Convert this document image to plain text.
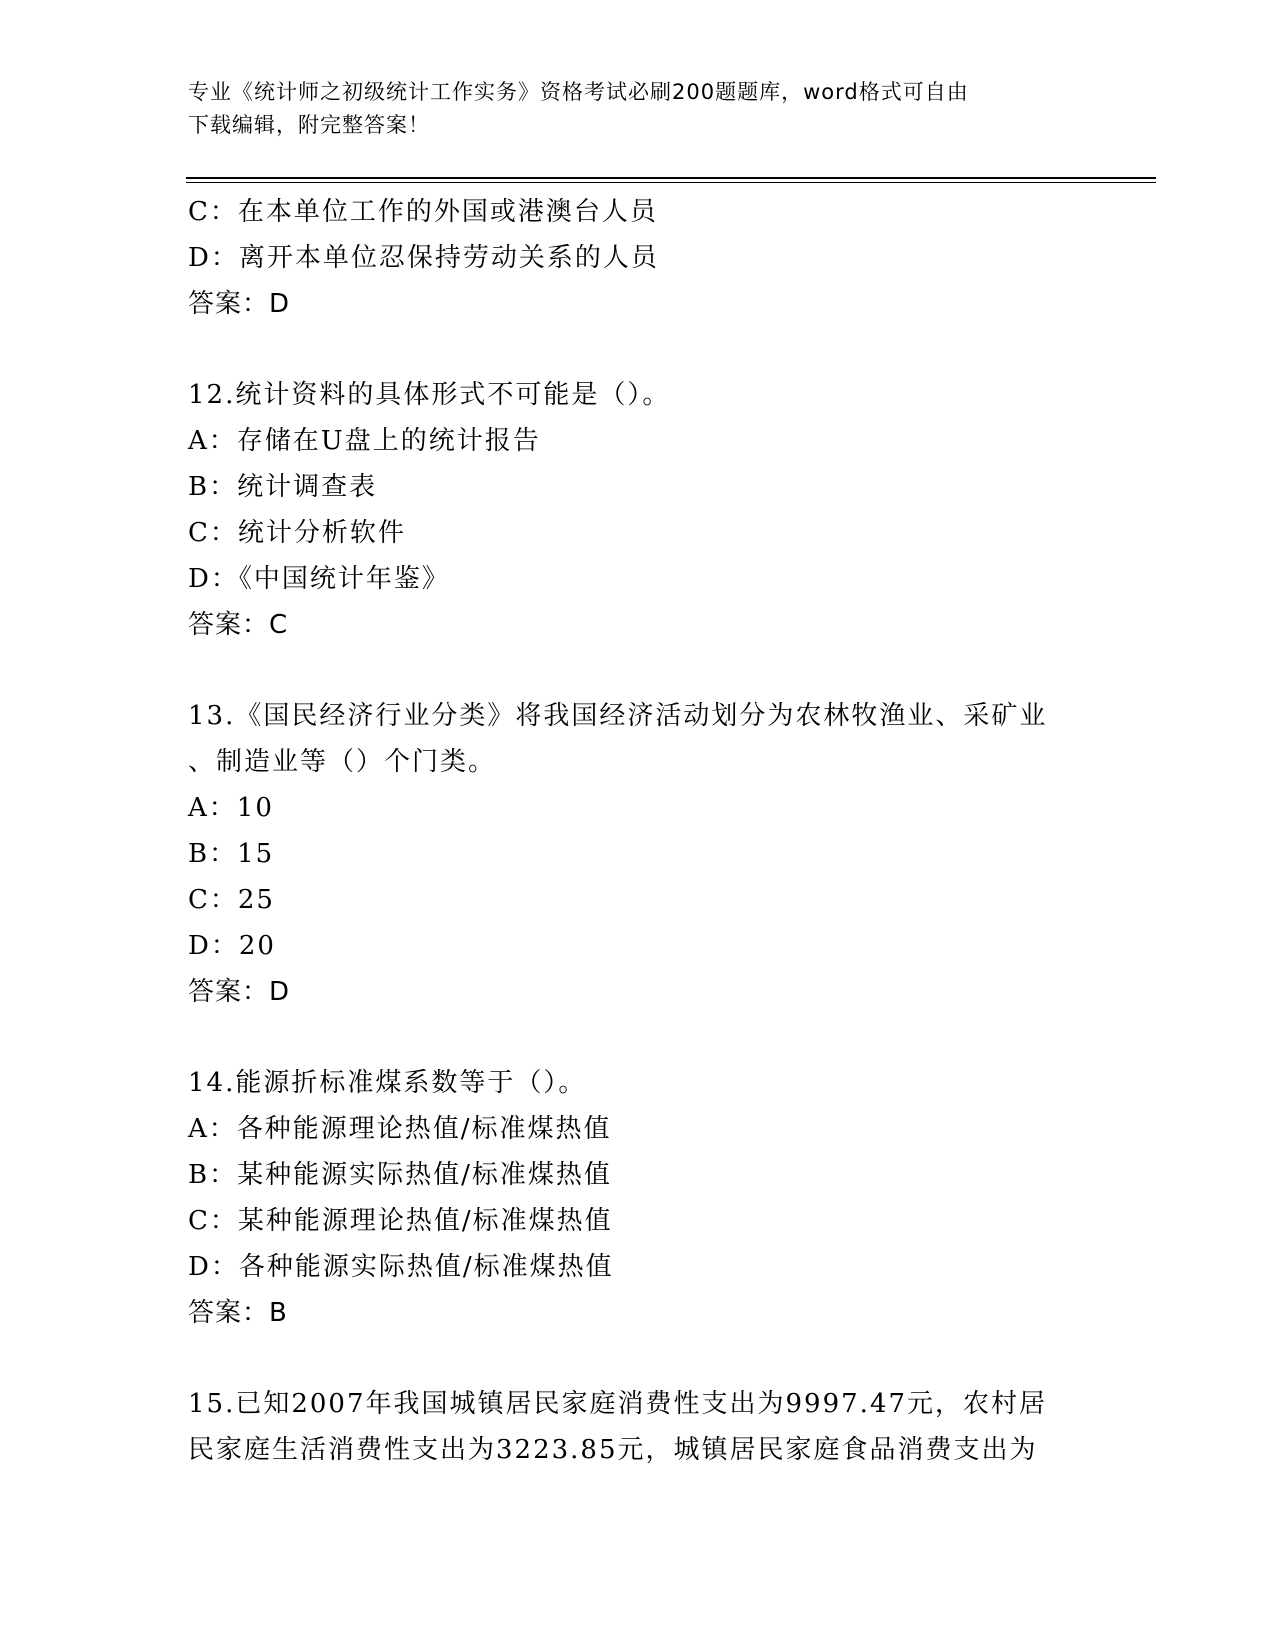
专业《统计师之初级统计工作实务》资格考试必刷200题题库，word格式可自由
下载编辑，附完整答案！
C：在本单位工作的外国或港澳台人员
D：离开本单位忍保持劳动关系的人员
答案：D
12.统计资料的具体形式不可能是（）。
A：存储在U盘上的统计报告
B：统计调查表
C：统计分析软件
D：《中国统计年鉴》
答案：C
13.《国民经济行业分类》将我国经济活动划分为农林牧渔业、采矿业
、制造业等（）个门类。
A：10
B：15
C：25
D：20
答案：D
14.能源折标准煤系数等于（）。
A：各种能源理论热值/标准煤热值
B：某种能源实际热值/标准煤热值
C：某种能源理论热值/标准煤热值
D：各种能源实际热值/标准煤热值
答案：B
15.已知2007年我国城镇居民家庭消费性支出为9997.47元，农村居
民家庭生活消费性支出为3223.85元，城镇居民家庭食品消费支出为
